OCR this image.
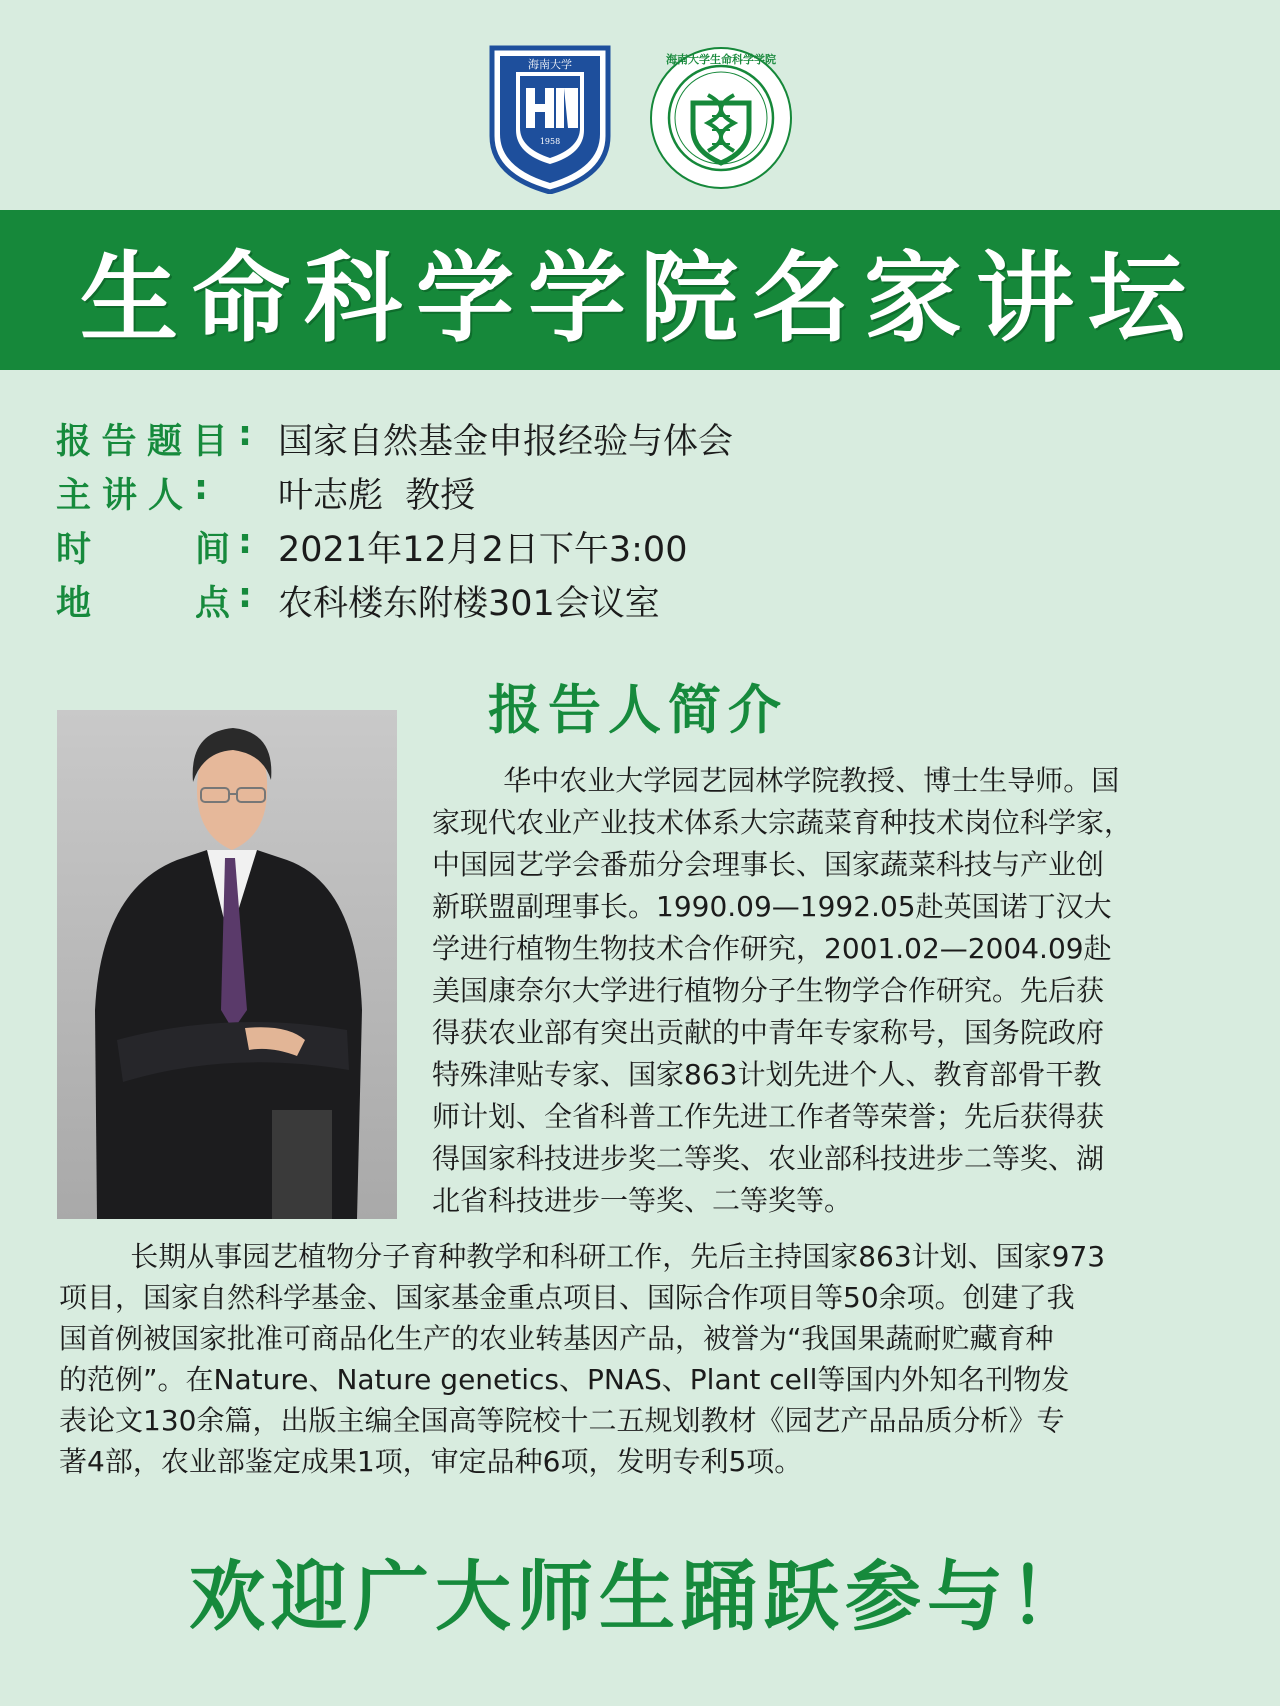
海南大学
1958
海南大学生命科学学院
生命科学学院名家讲坛
报 告 题 目 : 国家自然基金申报经验与体会
主 讲 人 : 叶志彪  教授
时	间 : 2021年12月2日下午3:00
地	点 : 农科楼东附楼301会议室
报告人简介
华中农业大学园艺园林学院教授、博士生导师。国
家现代农业产业技术体系大宗蔬菜育种技术岗位科学家，
中国园艺学会番茄分会理事长、国家蔬菜科技与产业创
新联盟副理事长。1990.09—1992.05赴英国诺丁汉大
学进行植物生物技术合作研究，2001.02—2004.09赴
美国康奈尔大学进行植物分子生物学合作研究。先后获
得获农业部有突出贡献的中青年专家称号，国务院政府
特殊津贴专家、国家863计划先进个人、教育部骨干教
师计划、全省科普工作先进工作者等荣誉；先后获得获
得国家科技进步奖二等奖、农业部科技进步二等奖、湖
北省科技进步一等奖、二等奖等。
长期从事园艺植物分子育种教学和科研工作，先后主持国家863计划、国家973
项目，国家自然科学基金、国家基金重点项目、国际合作项目等50余项。创建了我
国首例被国家批准可商品化生产的农业转基因产品，被誉为“我国果蔬耐贮藏育种
的范例”。在Nature、Nature genetics、PNAS、Plant cell等国内外知名刊物发
表论文130余篇，出版主编全国高等院校十二五规划教材《园艺产品品质分析》专
著4部，农业部鉴定成果1项，审定品种6项，发明专利5项。
欢迎广大师生踊跃参与！
